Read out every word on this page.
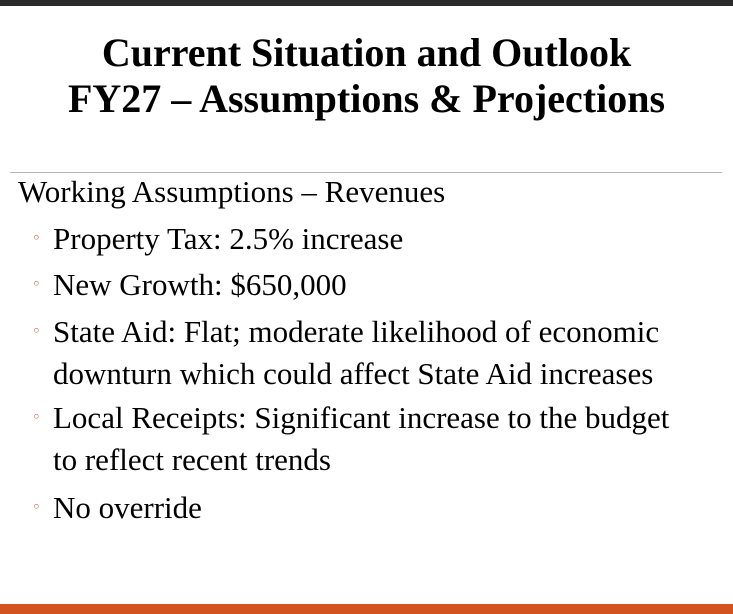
Current Situation and Outlook
FY27 – Assumptions & Projections
Working Assumptions – Revenues
◦ Property Tax: 2.5% increase
◦ New Growth: $650,000
◦ State Aid: Flat; moderate likelihood of economic
downturn which could affect State Aid increases
◦ Local Receipts: Significant increase to the budget
to reflect recent trends
◦ No override
